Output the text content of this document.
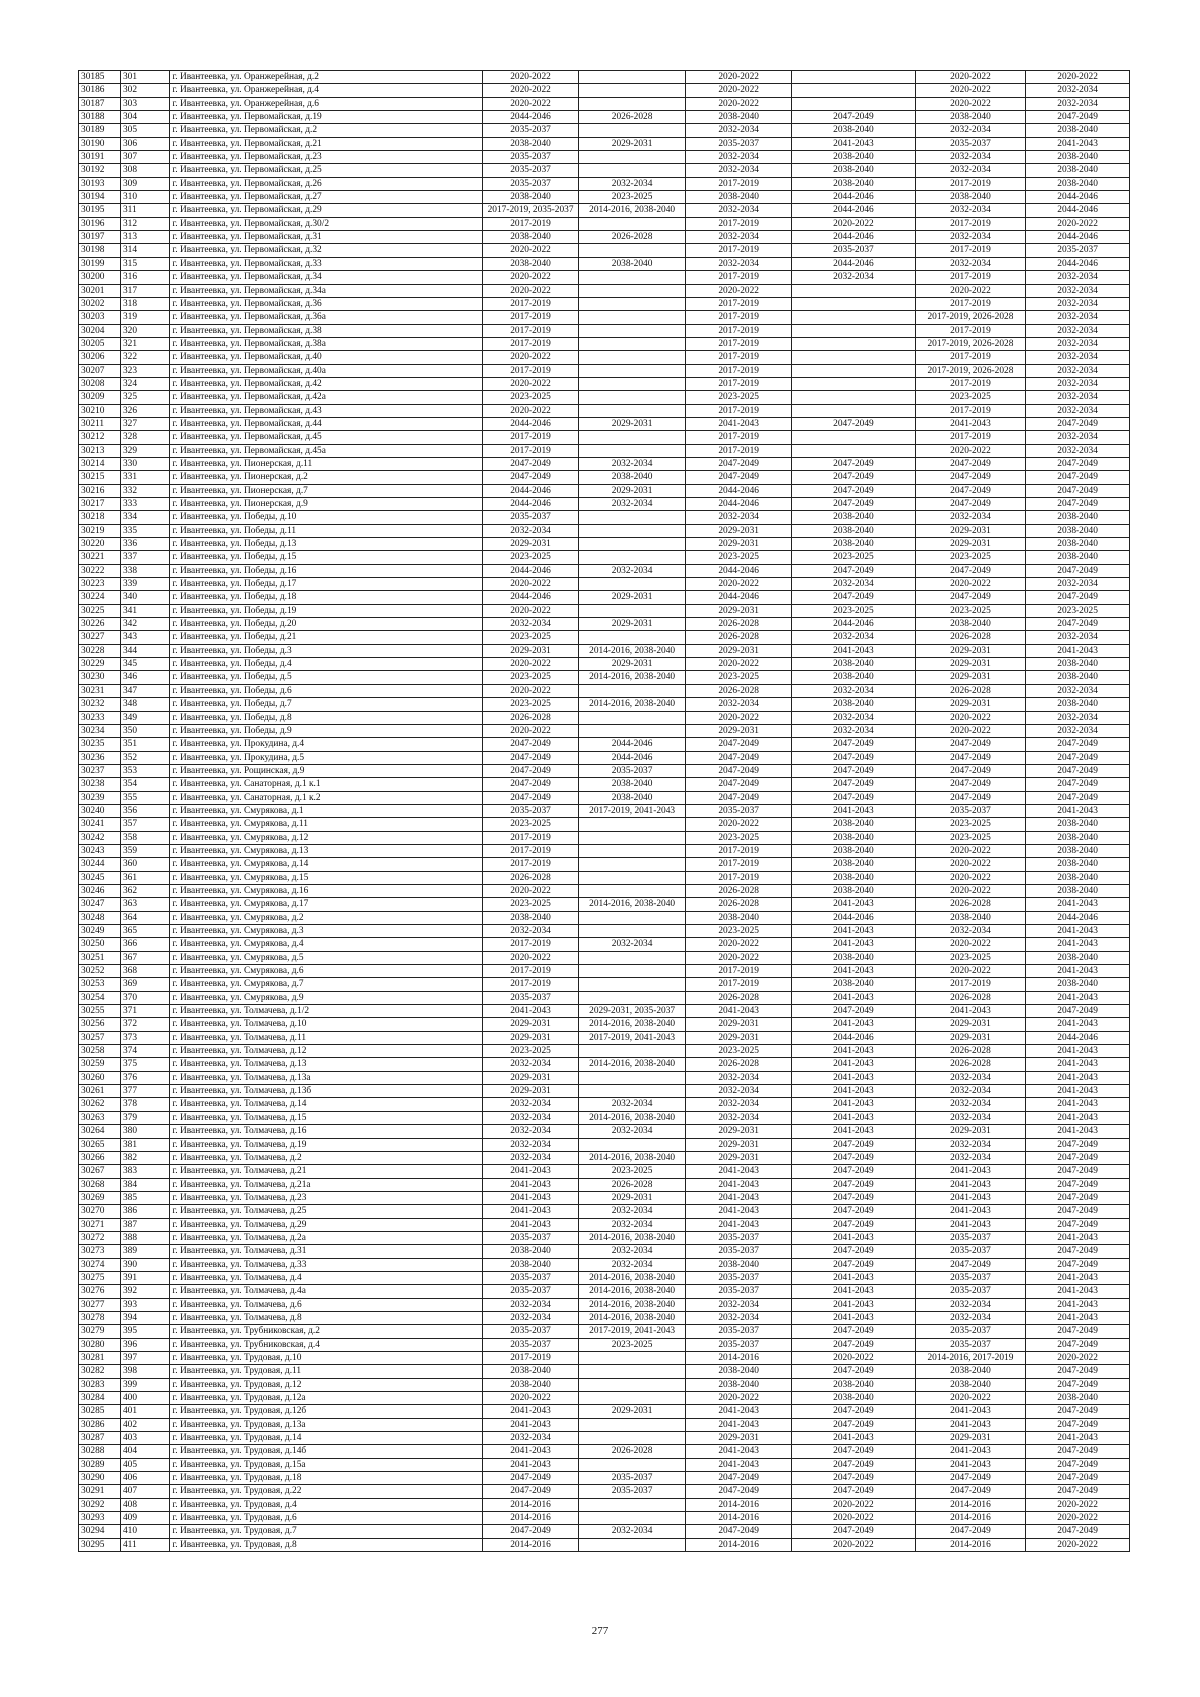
30185	301	г. Ивантеевка, ул. Оранжерейная, д.2	2020-2022		2020-2022		2020-2022	2020-2022
30186	302	г. Ивантеевка, ул. Оранжерейная, д.4	2020-2022		2020-2022		2020-2022	2032-2034
30187	303	г. Ивантеевка, ул. Оранжерейная, д.6	2020-2022		2020-2022		2020-2022	2032-2034
30188	304	г. Ивантеевка, ул. Первомайская, д.19	2044-2046	2026-2028	2038-2040	2047-2049	2038-2040	2047-2049
30189	305	г. Ивантеевка, ул. Первомайская, д.2	2035-2037		2032-2034	2038-2040	2032-2034	2038-2040
30190	306	г. Ивантеевка, ул. Первомайская, д.21	2038-2040	2029-2031	2035-2037	2041-2043	2035-2037	2041-2043
30191	307	г. Ивантеевка, ул. Первомайская, д.23	2035-2037		2032-2034	2038-2040	2032-2034	2038-2040
30192	308	г. Ивантеевка, ул. Первомайская, д.25	2035-2037		2032-2034	2038-2040	2032-2034	2038-2040
30193	309	г. Ивантеевка, ул. Первомайская, д.26	2035-2037	2032-2034	2017-2019	2038-2040	2017-2019	2038-2040
30194	310	г. Ивантеевка, ул. Первомайская, д.27	2038-2040	2023-2025	2038-2040	2044-2046	2038-2040	2044-2046
30195	311	г. Ивантеевка, ул. Первомайская, д.29	2017-2019, 2035-2037	2014-2016, 2038-2040	2032-2034	2044-2046	2032-2034	2044-2046
30196	312	г. Ивантеевка, ул. Первомайская, д.30/2	2017-2019		2017-2019	2020-2022	2017-2019	2020-2022
30197	313	г. Ивантеевка, ул. Первомайская, д.31	2038-2040	2026-2028	2032-2034	2044-2046	2032-2034	2044-2046
30198	314	г. Ивантеевка, ул. Первомайская, д.32	2020-2022		2017-2019	2035-2037	2017-2019	2035-2037
30199	315	г. Ивантеевка, ул. Первомайская, д.33	2038-2040	2038-2040	2032-2034	2044-2046	2032-2034	2044-2046
30200	316	г. Ивантеевка, ул. Первомайская, д.34	2020-2022		2017-2019	2032-2034	2017-2019	2032-2034
30201	317	г. Ивантеевка, ул. Первомайская, д.34а	2020-2022		2020-2022		2020-2022	2032-2034
30202	318	г. Ивантеевка, ул. Первомайская, д.36	2017-2019		2017-2019		2017-2019	2032-2034
30203	319	г. Ивантеевка, ул. Первомайская, д.36а	2017-2019		2017-2019		2017-2019, 2026-2028	2032-2034
30204	320	г. Ивантеевка, ул. Первомайская, д.38	2017-2019		2017-2019		2017-2019	2032-2034
30205	321	г. Ивантеевка, ул. Первомайская, д.38а	2017-2019		2017-2019		2017-2019, 2026-2028	2032-2034
30206	322	г. Ивантеевка, ул. Первомайская, д.40	2020-2022		2017-2019		2017-2019	2032-2034
30207	323	г. Ивантеевка, ул. Первомайская, д.40а	2017-2019		2017-2019		2017-2019, 2026-2028	2032-2034
30208	324	г. Ивантеевка, ул. Первомайская, д.42	2020-2022		2017-2019		2017-2019	2032-2034
30209	325	г. Ивантеевка, ул. Первомайская, д.42а	2023-2025		2023-2025		2023-2025	2032-2034
30210	326	г. Ивантеевка, ул. Первомайская, д.43	2020-2022		2017-2019		2017-2019	2032-2034
30211	327	г. Ивантеевка, ул. Первомайская, д.44	2044-2046	2029-2031	2041-2043	2047-2049	2041-2043	2047-2049
30212	328	г. Ивантеевка, ул. Первомайская, д.45	2017-2019		2017-2019		2017-2019	2032-2034
30213	329	г. Ивантеевка, ул. Первомайская, д.45а	2017-2019		2017-2019		2020-2022	2032-2034
30214	330	г. Ивантеевка, ул. Пионерская, д.11	2047-2049	2032-2034	2047-2049	2047-2049	2047-2049	2047-2049
30215	331	г. Ивантеевка, ул. Пионерская, д.2	2047-2049	2038-2040	2047-2049	2047-2049	2047-2049	2047-2049
30216	332	г. Ивантеевка, ул. Пионерская, д.7	2044-2046	2029-2031	2044-2046	2047-2049	2047-2049	2047-2049
30217	333	г. Ивантеевка, ул. Пионерская, д.9	2044-2046	2032-2034	2044-2046	2047-2049	2047-2049	2047-2049
30218	334	г. Ивантеевка, ул. Победы, д.10	2035-2037		2032-2034	2038-2040	2032-2034	2038-2040
30219	335	г. Ивантеевка, ул. Победы, д.11	2032-2034		2029-2031	2038-2040	2029-2031	2038-2040
30220	336	г. Ивантеевка, ул. Победы, д.13	2029-2031		2029-2031	2038-2040	2029-2031	2038-2040
30221	337	г. Ивантеевка, ул. Победы, д.15	2023-2025		2023-2025	2023-2025	2023-2025	2038-2040
30222	338	г. Ивантеевка, ул. Победы, д.16	2044-2046	2032-2034	2044-2046	2047-2049	2047-2049	2047-2049
30223	339	г. Ивантеевка, ул. Победы, д.17	2020-2022		2020-2022	2032-2034	2020-2022	2032-2034
30224	340	г. Ивантеевка, ул. Победы, д.18	2044-2046	2029-2031	2044-2046	2047-2049	2047-2049	2047-2049
30225	341	г. Ивантеевка, ул. Победы, д.19	2020-2022		2029-2031	2023-2025	2023-2025	2023-2025
30226	342	г. Ивантеевка, ул. Победы, д.20	2032-2034	2029-2031	2026-2028	2044-2046	2038-2040	2047-2049
30227	343	г. Ивантеевка, ул. Победы, д.21	2023-2025		2026-2028	2032-2034	2026-2028	2032-2034
30228	344	г. Ивантеевка, ул. Победы, д.3	2029-2031	2014-2016, 2038-2040	2029-2031	2041-2043	2029-2031	2041-2043
30229	345	г. Ивантеевка, ул. Победы, д.4	2020-2022	2029-2031	2020-2022	2038-2040	2029-2031	2038-2040
30230	346	г. Ивантеевка, ул. Победы, д.5	2023-2025	2014-2016, 2038-2040	2023-2025	2038-2040	2029-2031	2038-2040
30231	347	г. Ивантеевка, ул. Победы, д.6	2020-2022		2026-2028	2032-2034	2026-2028	2032-2034
30232	348	г. Ивантеевка, ул. Победы, д.7	2023-2025	2014-2016, 2038-2040	2032-2034	2038-2040	2029-2031	2038-2040
30233	349	г. Ивантеевка, ул. Победы, д.8	2026-2028		2020-2022	2032-2034	2020-2022	2032-2034
30234	350	г. Ивантеевка, ул. Победы, д.9	2020-2022		2029-2031	2032-2034	2020-2022	2032-2034
30235	351	г. Ивантеевка, ул. Прокудина, д.4	2047-2049	2044-2046	2047-2049	2047-2049	2047-2049	2047-2049
30236	352	г. Ивантеевка, ул. Прокудина, д.5	2047-2049	2044-2046	2047-2049	2047-2049	2047-2049	2047-2049
30237	353	г. Ивантеевка, ул. Рощинская, д.9	2047-2049	2035-2037	2047-2049	2047-2049	2047-2049	2047-2049
30238	354	г. Ивантеевка, ул. Санаторная, д.1 к.1	2047-2049	2038-2040	2047-2049	2047-2049	2047-2049	2047-2049
30239	355	г. Ивантеевка, ул. Санаторная, д.1 к.2	2047-2049	2038-2040	2047-2049	2047-2049	2047-2049	2047-2049
30240	356	г. Ивантеевка, ул. Смурякова, д.1	2035-2037	2017-2019, 2041-2043	2035-2037	2041-2043	2035-2037	2041-2043
30241	357	г. Ивантеевка, ул. Смурякова, д.11	2023-2025		2020-2022	2038-2040	2023-2025	2038-2040
30242	358	г. Ивантеевка, ул. Смурякова, д.12	2017-2019		2023-2025	2038-2040	2023-2025	2038-2040
30243	359	г. Ивантеевка, ул. Смурякова, д.13	2017-2019		2017-2019	2038-2040	2020-2022	2038-2040
30244	360	г. Ивантеевка, ул. Смурякова, д.14	2017-2019		2017-2019	2038-2040	2020-2022	2038-2040
30245	361	г. Ивантеевка, ул. Смурякова, д.15	2026-2028		2017-2019	2038-2040	2020-2022	2038-2040
30246	362	г. Ивантеевка, ул. Смурякова, д.16	2020-2022		2026-2028	2038-2040	2020-2022	2038-2040
30247	363	г. Ивантеевка, ул. Смурякова, д.17	2023-2025	2014-2016, 2038-2040	2026-2028	2041-2043	2026-2028	2041-2043
30248	364	г. Ивантеевка, ул. Смурякова, д.2	2038-2040		2038-2040	2044-2046	2038-2040	2044-2046
30249	365	г. Ивантеевка, ул. Смурякова, д.3	2032-2034		2023-2025	2041-2043	2032-2034	2041-2043
30250	366	г. Ивантеевка, ул. Смурякова, д.4	2017-2019	2032-2034	2020-2022	2041-2043	2020-2022	2041-2043
30251	367	г. Ивантеевка, ул. Смурякова, д.5	2020-2022		2020-2022	2038-2040	2023-2025	2038-2040
30252	368	г. Ивантеевка, ул. Смурякова, д.6	2017-2019		2017-2019	2041-2043	2020-2022	2041-2043
30253	369	г. Ивантеевка, ул. Смурякова, д.7	2017-2019		2017-2019	2038-2040	2017-2019	2038-2040
30254	370	г. Ивантеевка, ул. Смурякова, д.9	2035-2037		2026-2028	2041-2043	2026-2028	2041-2043
30255	371	г. Ивантеевка, ул. Толмачева, д.1/2	2041-2043	2029-2031, 2035-2037	2041-2043	2047-2049	2041-2043	2047-2049
30256	372	г. Ивантеевка, ул. Толмачева, д.10	2029-2031	2014-2016, 2038-2040	2029-2031	2041-2043	2029-2031	2041-2043
30257	373	г. Ивантеевка, ул. Толмачева, д.11	2029-2031	2017-2019, 2041-2043	2029-2031	2044-2046	2029-2031	2044-2046
30258	374	г. Ивантеевка, ул. Толмачева, д.12	2023-2025		2023-2025	2041-2043	2026-2028	2041-2043
30259	375	г. Ивантеевка, ул. Толмачева, д.13	2032-2034	2014-2016, 2038-2040	2026-2028	2041-2043	2026-2028	2041-2043
30260	376	г. Ивантеевка, ул. Толмачева, д.13а	2029-2031		2032-2034	2041-2043	2032-2034	2041-2043
30261	377	г. Ивантеевка, ул. Толмачева, д.13б	2029-2031		2032-2034	2041-2043	2032-2034	2041-2043
30262	378	г. Ивантеевка, ул. Толмачева, д.14	2032-2034	2032-2034	2032-2034	2041-2043	2032-2034	2041-2043
30263	379	г. Ивантеевка, ул. Толмачева, д.15	2032-2034	2014-2016, 2038-2040	2032-2034	2041-2043	2032-2034	2041-2043
30264	380	г. Ивантеевка, ул. Толмачева, д.16	2032-2034	2032-2034	2029-2031	2041-2043	2029-2031	2041-2043
30265	381	г. Ивантеевка, ул. Толмачева, д.19	2032-2034		2029-2031	2047-2049	2032-2034	2047-2049
30266	382	г. Ивантеевка, ул. Толмачева, д.2	2032-2034	2014-2016, 2038-2040	2029-2031	2047-2049	2032-2034	2047-2049
30267	383	г. Ивантеевка, ул. Толмачева, д.21	2041-2043	2023-2025	2041-2043	2047-2049	2041-2043	2047-2049
30268	384	г. Ивантеевка, ул. Толмачева, д.21а	2041-2043	2026-2028	2041-2043	2047-2049	2041-2043	2047-2049
30269	385	г. Ивантеевка, ул. Толмачева, д.23	2041-2043	2029-2031	2041-2043	2047-2049	2041-2043	2047-2049
30270	386	г. Ивантеевка, ул. Толмачева, д.25	2041-2043	2032-2034	2041-2043	2047-2049	2041-2043	2047-2049
30271	387	г. Ивантеевка, ул. Толмачева, д.29	2041-2043	2032-2034	2041-2043	2047-2049	2041-2043	2047-2049
30272	388	г. Ивантеевка, ул. Толмачева, д.2а	2035-2037	2014-2016, 2038-2040	2035-2037	2041-2043	2035-2037	2041-2043
30273	389	г. Ивантеевка, ул. Толмачева, д.31	2038-2040	2032-2034	2035-2037	2047-2049	2035-2037	2047-2049
30274	390	г. Ивантеевка, ул. Толмачева, д.33	2038-2040	2032-2034	2038-2040	2047-2049	2047-2049	2047-2049
30275	391	г. Ивантеевка, ул. Толмачева, д.4	2035-2037	2014-2016, 2038-2040	2035-2037	2041-2043	2035-2037	2041-2043
30276	392	г. Ивантеевка, ул. Толмачева, д.4а	2035-2037	2014-2016, 2038-2040	2035-2037	2041-2043	2035-2037	2041-2043
30277	393	г. Ивантеевка, ул. Толмачева, д.6	2032-2034	2014-2016, 2038-2040	2032-2034	2041-2043	2032-2034	2041-2043
30278	394	г. Ивантеевка, ул. Толмачева, д.8	2032-2034	2014-2016, 2038-2040	2032-2034	2041-2043	2032-2034	2041-2043
30279	395	г. Ивантеевка, ул. Трубниковская, д.2	2035-2037	2017-2019, 2041-2043	2035-2037	2047-2049	2035-2037	2047-2049
30280	396	г. Ивантеевка, ул. Трубниковская, д.4	2035-2037	2023-2025	2035-2037	2047-2049	2035-2037	2047-2049
30281	397	г. Ивантеевка, ул. Трудовая, д.10	2017-2019		2014-2016	2020-2022	2014-2016, 2017-2019	2020-2022
30282	398	г. Ивантеевка, ул. Трудовая, д.11	2038-2040		2038-2040	2047-2049	2038-2040	2047-2049
30283	399	г. Ивантеевка, ул. Трудовая, д.12	2038-2040		2038-2040	2038-2040	2038-2040	2047-2049
30284	400	г. Ивантеевка, ул. Трудовая, д.12а	2020-2022		2020-2022	2038-2040	2020-2022	2038-2040
30285	401	г. Ивантеевка, ул. Трудовая, д.12б	2041-2043	2029-2031	2041-2043	2047-2049	2041-2043	2047-2049
30286	402	г. Ивантеевка, ул. Трудовая, д.13а	2041-2043		2041-2043	2047-2049	2041-2043	2047-2049
30287	403	г. Ивантеевка, ул. Трудовая, д.14	2032-2034		2029-2031	2041-2043	2029-2031	2041-2043
30288	404	г. Ивантеевка, ул. Трудовая, д.14б	2041-2043	2026-2028	2041-2043	2047-2049	2041-2043	2047-2049
30289	405	г. Ивантеевка, ул. Трудовая, д.15а	2041-2043		2041-2043	2047-2049	2041-2043	2047-2049
30290	406	г. Ивантеевка, ул. Трудовая, д.18	2047-2049	2035-2037	2047-2049	2047-2049	2047-2049	2047-2049
30291	407	г. Ивантеевка, ул. Трудовая, д.22	2047-2049	2035-2037	2047-2049	2047-2049	2047-2049	2047-2049
30292	408	г. Ивантеевка, ул. Трудовая, д.4	2014-2016		2014-2016	2020-2022	2014-2016	2020-2022
30293	409	г. Ивантеевка, ул. Трудовая, д.6	2014-2016		2014-2016	2020-2022	2014-2016	2020-2022
30294	410	г. Ивантеевка, ул. Трудовая, д.7	2047-2049	2032-2034	2047-2049	2047-2049	2047-2049	2047-2049
30295	411	г. Ивантеевка, ул. Трудовая, д.8	2014-2016		2014-2016	2020-2022	2014-2016	2020-2022
277
